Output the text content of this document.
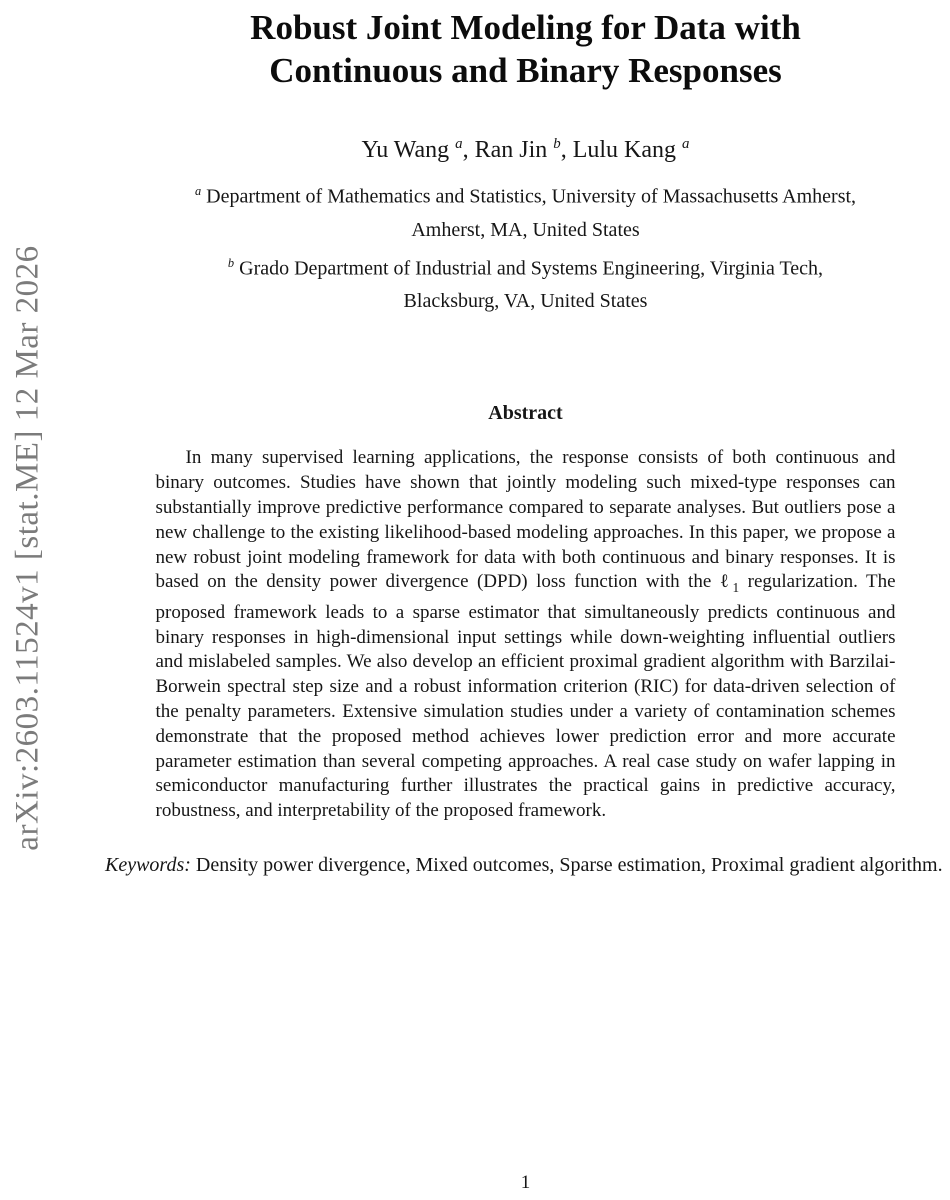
arXiv:2603.11524v1 [stat.ME] 12 Mar 2026
Robust Joint Modeling for Data with
Continuous and Binary Responses
Yu Wang $^a$, Ran Jin $^b$, Lulu Kang $^a$
$^a$ Department of Mathematics and Statistics, University of Massachusetts Amherst,
Amherst, MA, United States
$^b$ Grado Department of Industrial and Systems Engineering, Virginia Tech,
Blacksburg, VA, United States
Abstract
In many supervised learning applications, the response consists of both continuous and binary outcomes. Studies have shown that jointly modeling such mixed-type responses can substantially improve predictive performance compared to separate analyses. But outliers pose a new challenge to the existing likelihood-based modeling approaches. In this paper, we propose a new robust joint modeling framework for data with both continuous and binary responses. It is based on the density power divergence (DPD) loss function with the ℓ$_1$ regularization. The proposed framework leads to a sparse estimator that simultaneously predicts continuous and binary responses in high-dimensional input settings while down-weighting influential outliers and mislabeled samples. We also develop an efficient proximal gradient algorithm with Barzilai-Borwein spectral step size and a robust information criterion (RIC) for data-driven selection of the penalty parameters. Extensive simulation studies under a variety of contamination schemes demonstrate that the proposed method achieves lower prediction error and more accurate parameter estimation than several competing approaches. A real case study on wafer lapping in semiconductor manufacturing further illustrates the practical gains in predictive accuracy, robustness, and interpretability of the proposed framework.
Keywords: Density power divergence, Mixed outcomes, Sparse estimation, Proximal gradient algorithm.
1
